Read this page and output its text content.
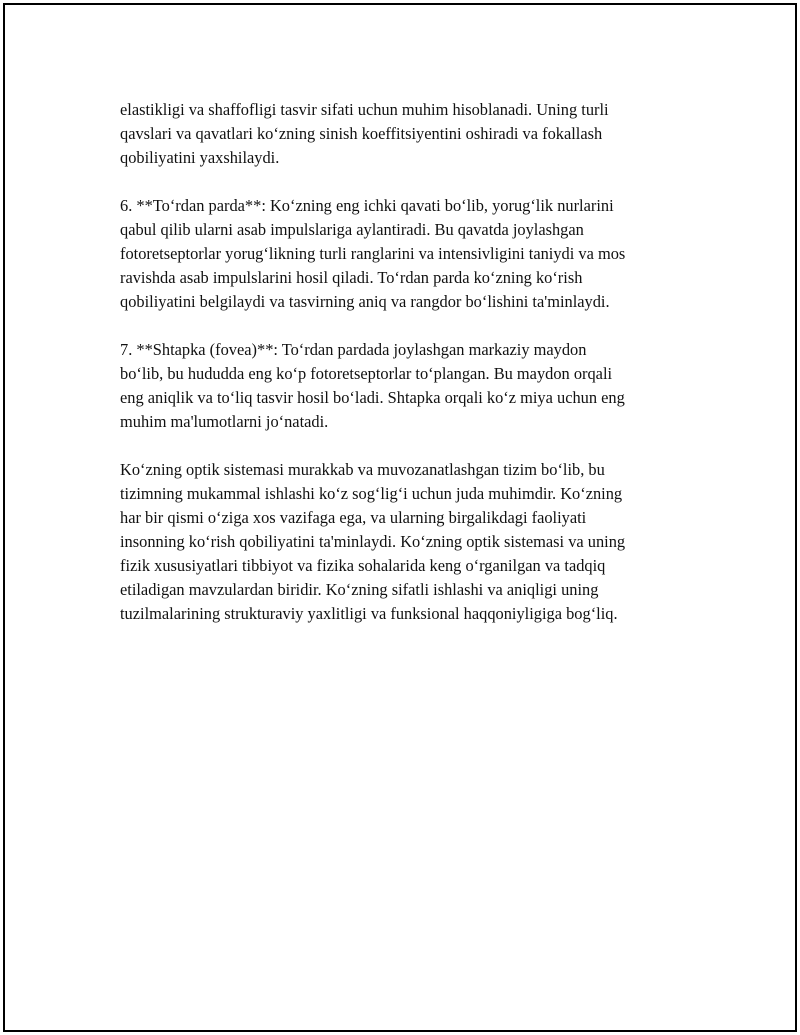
elastikligi va shaffofligi tasvir sifati uchun muhim hisoblanadi. Uning turli
qavslari va qavatlari ko‘zning sinish koeffitsiyentini oshiradi va fokallash
qobiliyatini yaxshilaydi.

6. **To‘rdan parda**: Ko‘zning eng ichki qavati bo‘lib, yorug‘lik nurlarini
qabul qilib ularni asab impulslariga aylantiradi. Bu qavatda joylashgan
fotoretseptorlar yorug‘likning turli ranglarini va intensivligini taniydi va mos
ravishda asab impulslarini hosil qiladi. To‘rdan parda ko‘zning ko‘rish
qobiliyatini belgilaydi va tasvirning aniq va rangdor bo‘lishini ta'minlaydi.

7. **Shtapka (fovea)**: To‘rdan pardada joylashgan markaziy maydon
bo‘lib, bu hududda eng ko‘p fotoretseptorlar to‘plangan. Bu maydon orqali
eng aniqlik va to‘liq tasvir hosil bo‘ladi. Shtapka orqali ko‘z miya uchun eng
muhim ma'lumotlarni jo‘natadi.

Ko‘zning optik sistemasi murakkab va muvozanatlashgan tizim bo‘lib, bu
tizimning mukammal ishlashi ko‘z sog‘lig‘i uchun juda muhimdir. Ko‘zning
har bir qismi o‘ziga xos vazifaga ega, va ularning birgalikdagi faoliyati
insonning ko‘rish qobiliyatini ta'minlaydi. Ko‘zning optik sistemasi va uning
fizik xususiyatlari tibbiyot va fizika sohalarida keng o‘rganilgan va tadqiq
etiladigan mavzulardan biridir. Ko‘zning sifatli ishlashi va aniqligi uning
tuzilmalarining strukturaviy yaxlitligi va funksional haqqoniyligiga bog‘liq.
